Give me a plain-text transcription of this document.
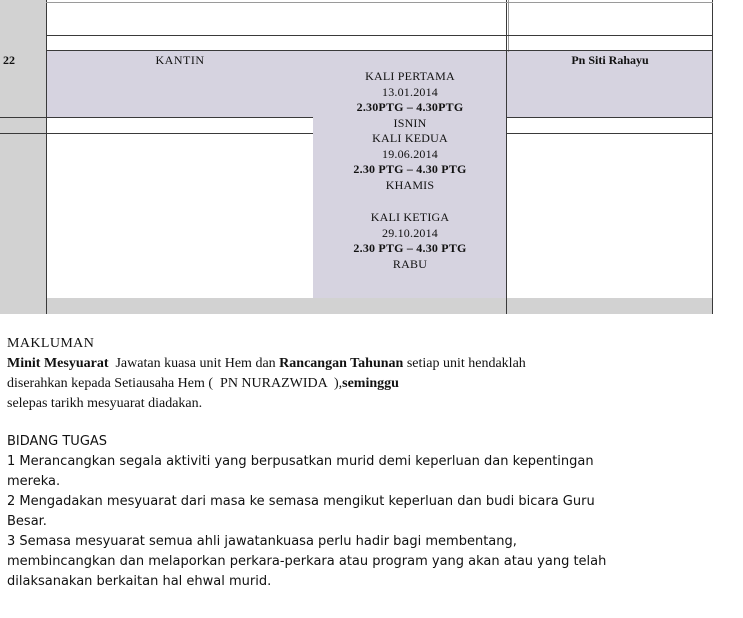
22	KANTIN	Pn Siti Rahayu
KALI PERTAMA
13.01.2014
2.30PTG – 4.30PTG
ISNIN
KALI KEDUA
19.06.2014
2.30 PTG – 4.30 PTG
KHAMIS
KALI KETIGA
29.10.2014
2.30 PTG – 4.30 PTG
RABU
MAKLUMAN
Minit Mesyuarat  Jawatan kuasa unit Hem dan Rancangan Tahunan setiap unit hendaklah
diserahkan kepada Setiausaha Hem (  PN NURAZWIDA  ),seminggu
selepas tarikh mesyuarat diadakan.
BIDANG TUGAS
1 Merancangkan segala aktiviti yang berpusatkan murid demi keperluan dan kepentingan
mereka.
2 Mengadakan mesyuarat dari masa ke semasa mengikut keperluan dan budi bicara Guru
Besar.
3 Semasa mesyuarat semua ahli jawatankuasa perlu hadir bagi membentang,
membincangkan dan melaporkan perkara-perkara atau program yang akan atau yang telah
dilaksanakan berkaitan hal ehwal murid.
